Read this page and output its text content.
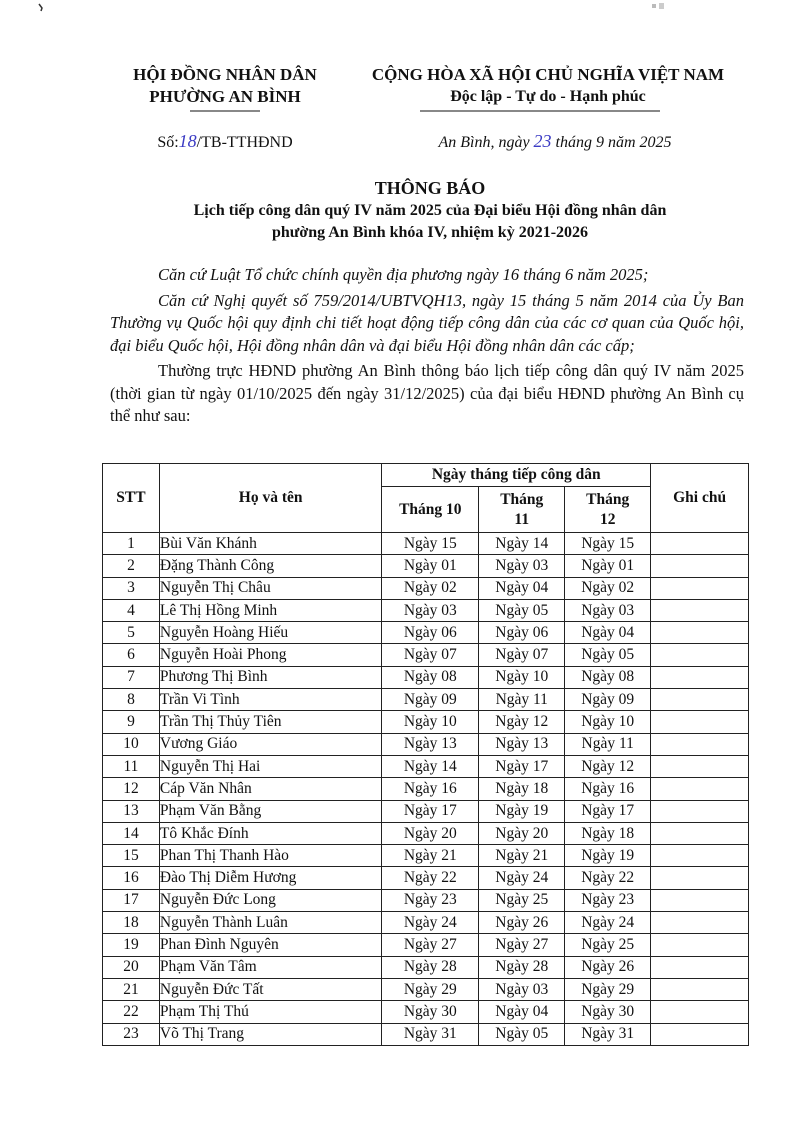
HỘI ĐỒNG NHÂN DÂN
PHƯỜNG AN BÌNH
CỘNG HÒA XÃ HỘI CHỦ NGHĨA VIỆT NAM
Độc lập - Tự do - Hạnh phúc
Số:18/TB-TTHĐND	An Bình, ngày 23 tháng 9 năm 2025
THÔNG BÁO
Lịch tiếp công dân quý IV năm 2025 của Đại biểu Hội đồng nhân dân
phường An Bình khóa IV, nhiệm kỳ 2021-2026

Căn cứ Luật Tổ chức chính quyền địa phương ngày 16 tháng 6 năm 2025;

Căn cứ Nghị quyết số 759/2014/UBTVQH13, ngày 15 tháng 5 năm 2014 của Ủy Ban Thường vụ Quốc hội quy định chi tiết hoạt động tiếp công dân của các cơ quan của Quốc hội, đại biểu Quốc hội, Hội đồng nhân dân và đại biểu Hội đồng nhân dân các cấp;

Thường trực HĐND phường An Bình thông báo lịch tiếp công dân quý IV năm 2025 (thời gian từ ngày 01/10/2025 đến ngày 31/12/2025) của đại biểu HĐND phường An Bình cụ thể như sau:

STT	Họ và tên	Ngày tháng tiếp công dân			Ghi chú
		Tháng 10	Tháng 11	Tháng 12	
1	Bùi Văn Khánh	Ngày 15	Ngày 14	Ngày 15	
2	Đặng Thành Công	Ngày 01	Ngày 03	Ngày 01	
3	Nguyễn Thị Châu	Ngày 02	Ngày 04	Ngày 02	
4	Lê Thị Hồng Minh	Ngày 03	Ngày 05	Ngày 03	
5	Nguyễn Hoàng Hiếu	Ngày 06	Ngày 06	Ngày 04	
6	Nguyễn Hoài Phong	Ngày 07	Ngày 07	Ngày 05	
7	Phương Thị Bình	Ngày 08	Ngày 10	Ngày 08	
8	Trần Vi Tình	Ngày 09	Ngày 11	Ngày 09	
9	Trần Thị Thủy Tiên	Ngày 10	Ngày 12	Ngày 10	
10	Vương Giáo	Ngày 13	Ngày 13	Ngày 11	
11	Nguyễn Thị Hai	Ngày 14	Ngày 17	Ngày 12	
12	Cáp Văn Nhân	Ngày 16	Ngày 18	Ngày 16	
13	Phạm Văn Bằng	Ngày 17	Ngày 19	Ngày 17	
14	Tô Khắc Đính	Ngày 20	Ngày 20	Ngày 18	
15	Phan Thị Thanh Hào	Ngày 21	Ngày 21	Ngày 19	
16	Đào Thị Diễm Hương	Ngày 22	Ngày 24	Ngày 22	
17	Nguyễn Đức Long	Ngày 23	Ngày 25	Ngày 23	
18	Nguyễn Thành Luân	Ngày 24	Ngày 26	Ngày 24	
19	Phan Đình Nguyên	Ngày 27	Ngày 27	Ngày 25	
20	Phạm Văn Tâm	Ngày 28	Ngày 28	Ngày 26	
21	Nguyễn Đức Tất	Ngày 29	Ngày 03	Ngày 29	
22	Phạm Thị Thú	Ngày 30	Ngày 04	Ngày 30	
23	Võ Thị Trang	Ngày 31	Ngày 05	Ngày 31	
